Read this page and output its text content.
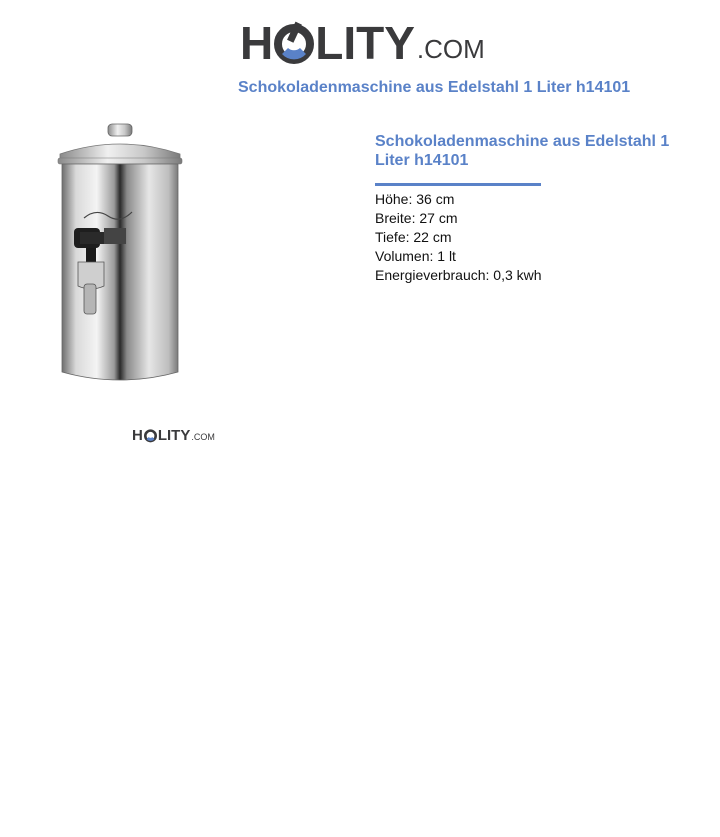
H LITY .COM
Schokoladenmaschine aus Edelstahl 1 Liter h14101
H LITY .COM
Schokoladenmaschine aus Edelstahl 1 Liter h14101
Höhe: 36 cm
Breite: 27 cm
Tiefe: 22 cm
Volumen: 1 lt
Energieverbrauch: 0,3 kwh
